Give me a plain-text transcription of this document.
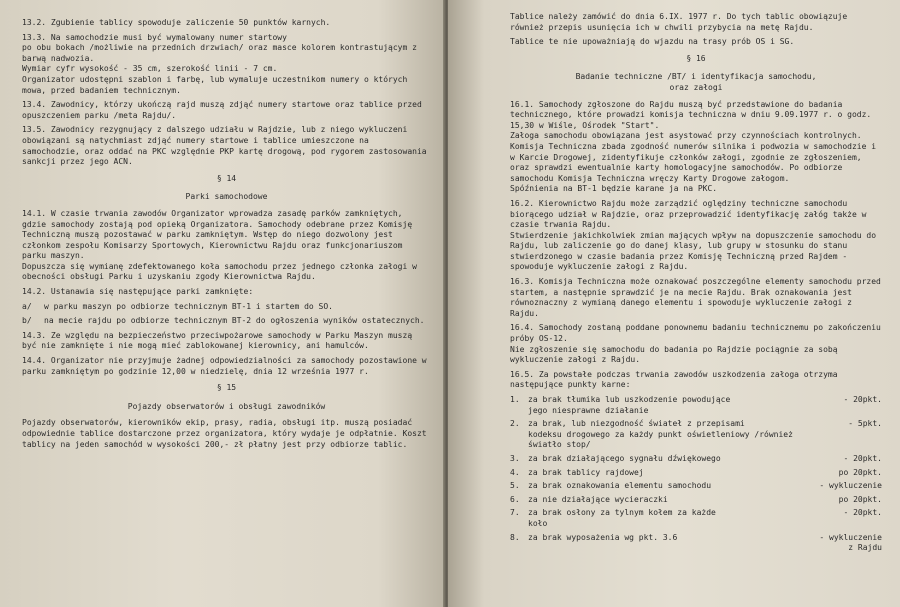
13.2. Zgubienie tablicy spowoduje zaliczenie 50 punktów karnych.

13.3. Na samochodzie musi być wymalowany numer startowy
po obu bokach /możliwie na przednich drzwiach/ oraz masce kolorem kontrastującym z barwą nadwozia.
Wymiar cyfr wysokość - 35 cm, szerokość linii - 7 cm.
Organizator udostępni szablon i farbę, lub wymaluje uczestnikom numery o których mowa, przed badaniem technicznym.

13.4. Zawodnicy, którzy ukończą rajd muszą zdjąć numery startowe oraz tablice przed opuszczeniem parku /meta Rajdu/.

13.5. Zawodnicy rezygnujący z dalszego udziału w Rajdzie, lub z niego wykluczeni obowiązani są natychmiast zdjąć numery startowe i tablice umieszczone na samochodzie, oraz oddać na PKC względnie PKP kartę drogową, pod rygorem zastosowania sankcji przez jego ACN.

§ 14
Parki samochodowe

14.1. W czasie trwania zawodów Organizator wprowadza zasadę parków zamkniętych, gdzie samochody zostają pod opieką Organizatora. Samochody odebrane przez Komisję Techniczną muszą pozostawać w parku zamkniętym. Wstęp do niego dozwolony jest członkom zespołu Komisarzy Sportowych, Kierownictwu Rajdu oraz funkcjonariuszom parku maszyn.
Dopuszcza się wymianę zdefektowanego koła samochodu przez jednego członka załogi w obecności obsługi Parku i uzyskaniu zgody Kierownictwa Rajdu.

14.2. Ustanawia się następujące parki zamknięte:

a/	w parku maszyn po odbiorze technicznym BT-1 i startem do SO.
b/	na mecie rajdu po odbiorze technicznym BT-2 do ogłoszenia wyników ostatecznych.

14.3. Ze względu na bezpieczeństwo przeciwpożarowe samochody w Parku Maszyn muszą być nie zamknięte i nie mogą mieć zablokowanej kierownicy, ani hamulców.

14.4. Organizator nie przyjmuje żadnej odpowiedzialności za samochody pozostawione w parku zamkniętym po godzinie 12,00 w niedzielę, dnia 12 września 1977 r.

§ 15
Pojazdy obserwatorów i obsługi zawodników

Pojazdy obserwatorów, kierowników ekip, prasy, radia, obsługi itp. muszą posiadać odpowiednie tablice dostarczone przez organizatora, który wydaje je odpłatnie. Koszt tablicy na jeden samochód w wysokości 200,- zł płatny jest przy odbiorze tablic.

Tablice należy zamówić do dnia 6.IX. 1977 r. Do tych tablic obowiązuje również przepis usunięcia ich w chwili przybycia na metę Rajdu.

Tablice te nie upoważniają do wjazdu na trasy prób OS i SG.

§ 16
Badanie techniczne /BT/ i identyfikacja samochodu,
oraz załogi

16.1. Samochody zgłoszone do Rajdu muszą być przedstawione do badania technicznego, które prowadzi komisja techniczna w dniu 9.09.1977 r. o godz. 15,30 w Wiśle, Ośrodek "Start".
Załoga samochodu obowiązana jest asystować przy czynnościach kontrolnych. Komisja Techniczna zbada zgodność numerów silnika i podwozia w samochodzie i w Karcie Drogowej, zidentyfikuje członków załogi, zgodnie ze zgłoszeniem, oraz sprawdzi ewentualnie karty homologacyjne samochodów. Po odbiorze samochodu Komisja Techniczna wręczy Karty Drogowe załogom.
Spóźnienia na BT-1 będzie karane ja na PKC.

16.2. Kierownictwo Rajdu może zarządzić oględziny techniczne samochodu biorącego udział w Rajdzie, oraz przeprowadzić identyfikację załóg także w czasie trwania Rajdu.
Stwierdzenie jakichkolwiek zmian mających wpływ na dopuszczenie samochodu do Rajdu, lub zaliczenie go do danej klasy, lub grupy w stosunku do stanu stwierdzonego w czasie badania przez Komisję Techniczną przed Rajdem - spowoduje wykluczenie załogi z Rajdu.

16.3. Komisja Techniczna może oznakować poszczególne elementy samochodu przed startem, a następnie sprawdzić je na mecie Rajdu. Brak oznakowania jest równoznaczny z wymianą danego elementu i spowoduje wykluczenie załogi z Rajdu.

16.4. Samochody zostaną poddane ponownemu badaniu technicznemu po zakończeniu próby OS-12.
Nie zgłoszenie się samochodu do badania po Rajdzie pociągnie za sobą wykluczenie załogi z Rajdu.

16.5. Za powstałe podczas trwania zawodów uszkodzenia załoga otrzyma następujące punkty karne:

1.	za brak tłumika lub uszkodzenie powodujące
jego niesprawne działanie
- 20pkt.
2.	za brak, lub niezgodność świateł z przepisami
kodeksu drogowego za każdy punkt oświetleniowy /również światło stop/
- 5pkt.
3.	za brak działającego sygnału dźwiękowego	- 20pkt.
4.	za brak tablicy rajdowej	po 20pkt.
5.	za brak oznakowania elementu samochodu	- wykluczenie
6.	za nie działające wycieraczki	po 20pkt.
7.	za brak osłony za tylnym kołem za każde
koło
- 20pkt.
8.	za brak wyposażenia wg pkt. 3.6	- wykluczenie
z Rajdu
